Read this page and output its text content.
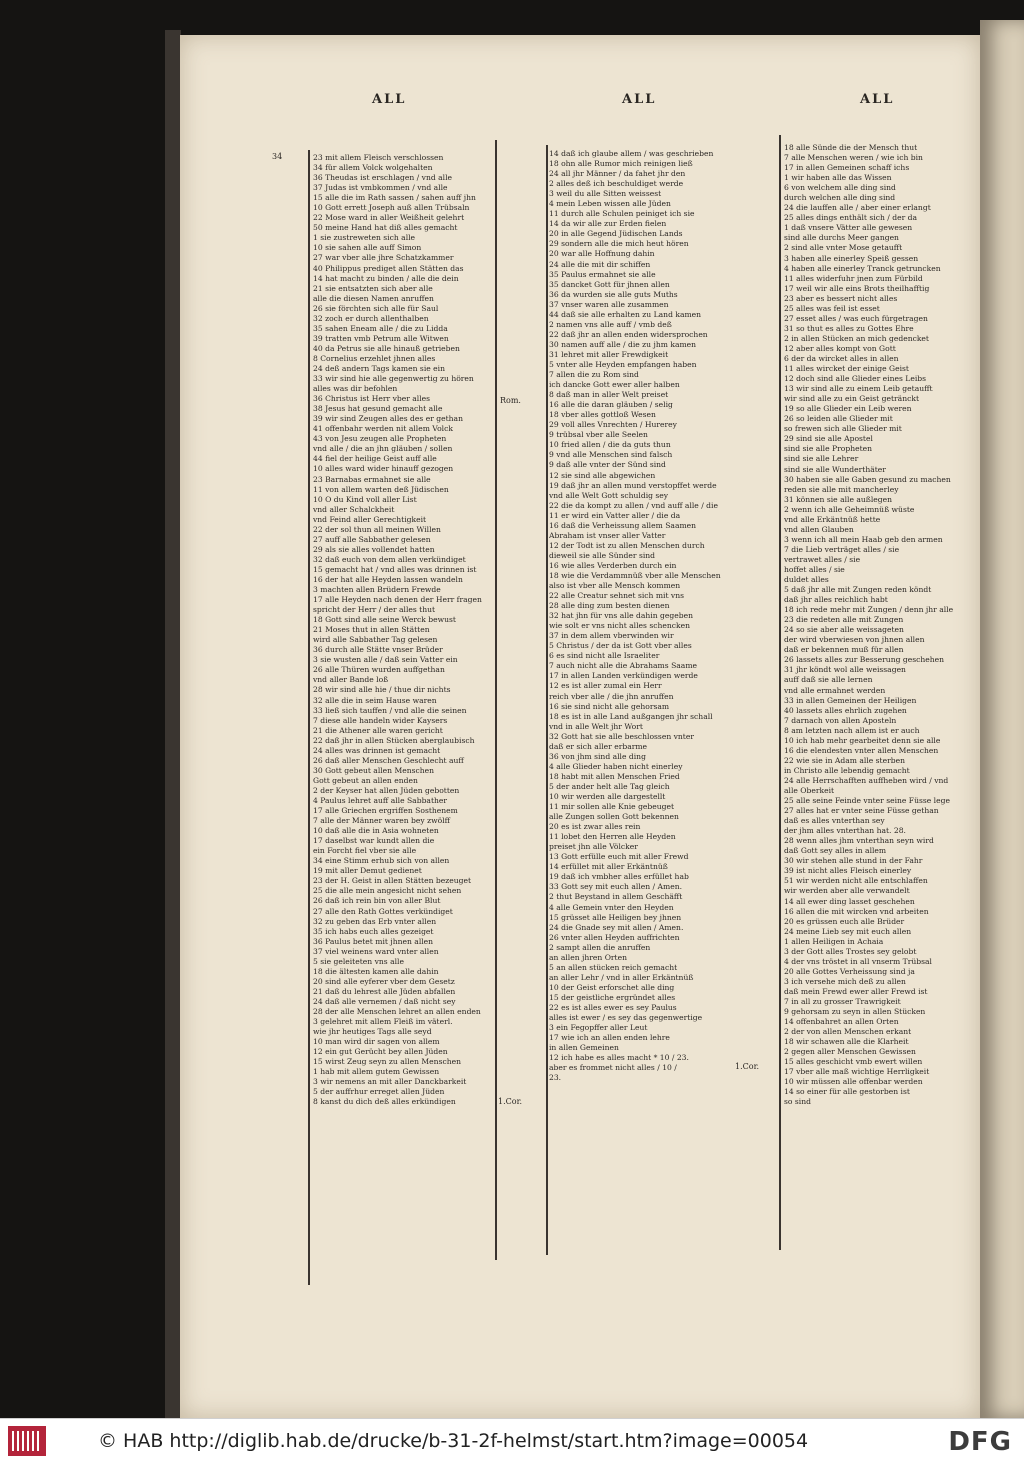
ALL	ALL	ALL
34
Rom.
1.Cor.
1.Cor.
23 mit allem Fleisch verschlossen
34 für allem Volck wolgehalten
36 Theudas ist erschlagen / vnd alle
37 Judas ist vmbkommen / vnd alle
15 alle die im Rath sassen / sahen auff jhn
10 Gott errett Joseph auß allen Trübsaln
22 Mose ward in aller Weißheit gelehrt
50 meine Hand hat diß alles gemacht
1 sie zustreweten sich alle
10 sie sahen alle auff Simon
27 war vber alle jhre Schatzkammer
40 Philippus prediget allen Stätten das
14 hat macht zu binden / alle die dein
21 sie entsatzten sich aber alle
alle die diesen Namen anruffen
26 sie förchten sich alle für Saul
32 zoch er durch allenthalben
35 sahen Eneam alle / die zu Lidda
39 tratten vmb Petrum alle Witwen
40 da Petrus sie alle hinauß getrieben
8 Cornelius erzehlet jhnen alles
24 deß andern Tags kamen sie ein
33 wir sind hie alle gegenwertig zu hören
alles was dir befohlen
36 Christus ist Herr vber alles
38 Jesus hat gesund gemacht alle
39 wir sind Zeugen alles des er gethan
41 offenbahr werden nit allem Volck
43 von Jesu zeugen alle Propheten
vnd alle / die an jhn gläuben / sollen
44 fiel der heilige Geist auff alle
10 alles ward wider hinauff gezogen
23 Barnabas ermahnet sie alle
11 von allem warten deß Jüdischen
10 O du Kind voll aller List
vnd aller Schalckheit
vnd Feind aller Gerechtigkeit
22 der sol thun all meinen Willen
27 auff alle Sabbather gelesen
29 als sie alles vollendet hatten
32 daß euch von dem allen verkündiget
15 gemacht hat / vnd alles was drinnen ist
16 der hat alle Heyden lassen wandeln
3 machten allen Brüdern Frewde
17 alle Heyden nach denen der Herr fragen
spricht der Herr / der alles thut
18 Gott sind alle seine Werck bewust
21 Moses thut in allen Stätten
wird alle Sabbather Tag gelesen
36 durch alle Stätte vnser Brüder
3 sie wusten alle / daß sein Vatter ein
26 alle Thüren wurden auffgethan
vnd aller Bande loß
28 wir sind alle hie / thue dir nichts
32 alle die in seim Hause waren
33 ließ sich tauffen / vnd alle die seinen
7 diese alle handeln wider Kaysers
21 die Athener alle waren gericht
22 daß jhr in allen Stücken aberglaubisch
24 alles was drinnen ist gemacht
26 daß aller Menschen Geschlecht auff
30 Gott gebeut allen Menschen
Gott gebeut an allen enden
2 der Keyser hat allen Jüden gebotten
4 Paulus lehret auff alle Sabbather
17 alle Griechen ergriffen Sosthenem
7 alle der Männer waren bey zwölff
10 daß alle die in Asia wohneten
17 daselbst war kundt allen die
ein Forcht fiel vber sie alle
34 eine Stimm erhub sich von allen
19 mit aller Demut gedienet
23 der H. Geist in allen Stätten bezeuget
25 die alle mein angesicht nicht sehen
26 daß ich rein bin von aller Blut
27 alle den Rath Gottes verkündiget
32 zu geben das Erb vnter allen
35 ich habs euch alles gezeiget
36 Paulus betet mit jhnen allen
37 viel weinens ward vnter allen
5 sie geleiteten vns alle
18 die ältesten kamen alle dahin
20 sind alle eyferer vber dem Gesetz
21 daß du lehrest alle Jüden abfallen
24 daß alle vernemen / daß nicht sey
28 der alle Menschen lehret an allen enden
3 gelehret mit allem Fleiß im väterl.
wie jhr heutiges Tags alle seyd
10 man wird dir sagen von allem
12 ein gut Gerücht bey allen Jüden
15 wirst Zeug seyn zu allen Menschen
1 hab mit allem gutem Gewissen
3 wir nemens an mit aller Danckbarkeit
5 der auffrhur erreget allen Jüden
8 kanst du dich deß alles erkündigen
14 daß ich glaube allem / was geschrieben
18 ohn alle Rumor mich reinigen ließ
24 all jhr Männer / da fahet jhr den
2 alles deß ich beschuldiget werde
3 weil du alle Sitten weissest
4 mein Leben wissen alle Jüden
11 durch alle Schulen peiniget ich sie
14 da wir alle zur Erden fielen
20 in alle Gegend Jüdischen Lands
29 sondern alle die mich heut hören
20 war alle Hoffnung dahin
24 alle die mit dir schiffen
35 Paulus ermahnet sie alle
35 dancket Gott für jhnen allen
36 da wurden sie alle guts Muths
37 vnser waren alle zusammen
44 daß sie alle erhalten zu Land kamen
2 namen vns alle auff / vmb deß
22 daß jhr an allen enden widersprochen
30 namen auff alle / die zu jhm kamen
31 lehret mit aller Frewdigkeit
5 vnter alle Heyden empfangen haben
7 allen die zu Rom sind
ich dancke Gott ewer aller halben
8 daß man in aller Welt preiset
16 alle die daran gläuben / selig
18 vber alles gottloß Wesen
29 voll alles Vnrechten / Hurerey
9 trübsal vber alle Seelen
10 fried allen / die da guts thun
9 vnd alle Menschen sind falsch
9 daß alle vnter der Sünd sind
12 sie sind alle abgewichen
19 daß jhr an allen mund verstopffet werde
vnd alle Welt Gott schuldig sey
22 die da kompt zu allen / vnd auff alle / die
11 er wird ein Vatter aller / die da
16 daß die Verheissung allem Saamen
Abraham ist vnser aller Vatter
12 der Todt ist zu allen Menschen durch
dieweil sie alle Sünder sind
16 wie alles Verderben durch ein
18 wie die Verdammnüß vber alle Menschen
also ist vber alle Mensch kommen
22 alle Creatur sehnet sich mit vns
28 alle ding zum besten dienen
32 hat jhn für vns alle dahin gegeben
wie solt er vns nicht alles schencken
37 in dem allem vberwinden wir
5 Christus / der da ist Gott vber alles
6 es sind nicht alle Israeliter
7 auch nicht alle die Abrahams Saame
17 in allen Landen verkündigen werde
12 es ist aller zumal ein Herr
reich vber alle / die jhn anruffen
16 sie sind nicht alle gehorsam
18 es ist in alle Land außgangen jhr schall
vnd in alle Welt jhr Wort
32 Gott hat sie alle beschlossen vnter
daß er sich aller erbarme
36 von jhm sind alle ding
4 alle Glieder haben nicht einerley
18 habt mit allen Menschen Fried
5 der ander helt alle Tag gleich
10 wir werden alle dargestellt
11 mir sollen alle Knie gebeuget
alle Zungen sollen Gott bekennen
20 es ist zwar alles rein
11 lobet den Herren alle Heyden
preiset jhn alle Völcker
13 Gott erfülle euch mit aller Frewd
14 erfüllet mit aller Erkäntnüß
19 daß ich vmbher alles erfüllet hab
33 Gott sey mit euch allen / Amen.
2 thut Beystand in allem Geschäfft
4 alle Gemein vnter den Heyden
15 grüsset alle Heiligen bey jhnen
24 die Gnade sey mit allen / Amen.
26 vnter allen Heyden auffrichten
2 sampt allen die anruffen
an allen jhren Orten
5 an allen stücken reich gemacht
an aller Lehr / vnd in aller Erkäntnüß
10 der Geist erforschet alle ding
15 der geistliche ergründet alles
22 es ist alles ewer es sey Paulus
alles ist ewer / es sey das gegenwertige
3 ein Fegopffer aller Leut
17 wie ich an allen enden lehre
in allen Gemeinen
12 ich habe es alles macht * 10 / 23.
aber es frommet nicht alles / 10 /
23.
18 alle Sünde die der Mensch thut
7 alle Menschen weren / wie ich bin
17 in allen Gemeinen schaff ichs
1 wir haben alle das Wissen
6 von welchem alle ding sind
durch welchen alle ding sind
24 die lauffen alle / aber einer erlangt
25 alles dings enthält sich / der da
1 daß vnsere Vätter alle gewesen
sind alle durchs Meer gangen
2 sind alle vnter Mose getaufft
3 haben alle einerley Speiß gessen
4 haben alle einerley Tranck getruncken
11 alles widerfuhr jnen zum Fürbild
17 weil wir alle eins Brots theilhafftig
23 aber es bessert nicht alles
25 alles was feil ist esset
27 esset alles / was euch fürgetragen
31 so thut es alles zu Gottes Ehre
2 in allen Stücken an mich gedencket
12 aber alles kompt von Gott
6 der da wircket alles in allen
11 alles wircket der einige Geist
12 doch sind alle Glieder eines Leibs
13 wir sind alle zu einem Leib getaufft
wir sind alle zu ein Geist getränckt
19 so alle Glieder ein Leib weren
26 so leiden alle Glieder mit
so frewen sich alle Glieder mit
29 sind sie alle Apostel
sind sie alle Propheten
sind sie alle Lehrer
sind sie alle Wunderthäter
30 haben sie alle Gaben gesund zu machen
reden sie alle mit mancherley
31 können sie alle außlegen
2 wenn ich alle Geheimnüß wüste
vnd alle Erkäntnüß hette
vnd allen Glauben
3 wenn ich all mein Haab geb den armen
7 die Lieb verträget alles / sie
vertrawet alles / sie
hoffet alles / sie
duldet alles
5 daß jhr alle mit Zungen reden köndt
daß jhr alles reichlich habt
18 ich rede mehr mit Zungen / denn jhr alle
23 die redeten alle mit Zungen
24 so sie aber alle weissageten
der wird vberwiesen von jhnen allen
daß er bekennen muß für allen
26 lassets alles zur Besserung geschehen
31 jhr köndt wol alle weissagen
auff daß sie alle lernen
vnd alle ermahnet werden
33 in allen Gemeinen der Heiligen
40 lassets alles ehrlich zugehen
7 darnach von allen Aposteln
8 am letzten nach allem ist er auch
10 ich hab mehr gearbeitet denn sie alle
16 die elendesten vnter allen Menschen
22 wie sie in Adam alle sterben
in Christo alle lebendig gemacht
24 alle Herrschafften auffheben wird / vnd
alle Oberkeit
25 alle seine Feinde vnter seine Füsse lege
27 alles hat er vnter seine Füsse gethan
daß es alles vnterthan sey
der jhm alles vnterthan hat. 28.
28 wenn alles jhm vnterthan seyn wird
daß Gott sey alles in allem
30 wir stehen alle stund in der Fahr
39 ist nicht alles Fleisch einerley
51 wir werden nicht alle entschlaffen
wir werden aber alle verwandelt
14 all ewer ding lasset geschehen
16 allen die mit wircken vnd arbeiten
20 es grüssen euch alle Brüder
24 meine Lieb sey mit euch allen
1 allen Heiligen in Achaia
3 der Gott alles Trostes sey gelobt
4 der vns tröstet in all vnserm Trübsal
20 alle Gottes Verheissung sind ja
3 ich versehe mich deß zu allen
daß mein Frewd ewer aller Frewd ist
7 in all zu grosser Trawrigkeit
9 gehorsam zu seyn in allen Stücken
14 offenbahret an allen Orten
2 der von allen Menschen erkant
18 wir schawen alle die Klarheit
2 gegen aller Menschen Gewissen
15 alles geschicht vmb ewert willen
17 vber alle maß wichtige Herrligkeit
10 wir müssen alle offenbar werden
14 so einer für alle gestorben ist
so sind
© HAB http://diglib.hab.de/drucke/b-31-2f-helmst/start.htm?image=00054	DFG
